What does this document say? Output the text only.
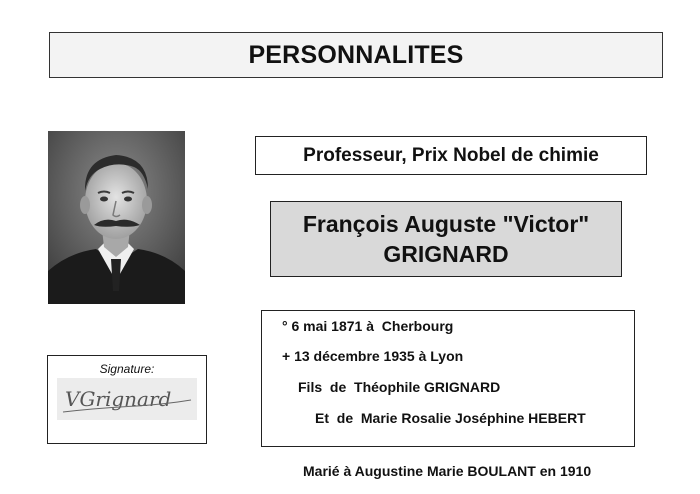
PERSONNALITES
Professeur, Prix Nobel de chimie
François Auguste "Victor"
GRIGNARD
° 6 mai 1871 à  Cherbourg
+ 13 décembre 1935 à Lyon
Fils  de  Théophile GRIGNARD
Et  de  Marie Rosalie Joséphine HEBERT
Signature:
VGrignard
Marié à Augustine Marie BOULANT en 1910
